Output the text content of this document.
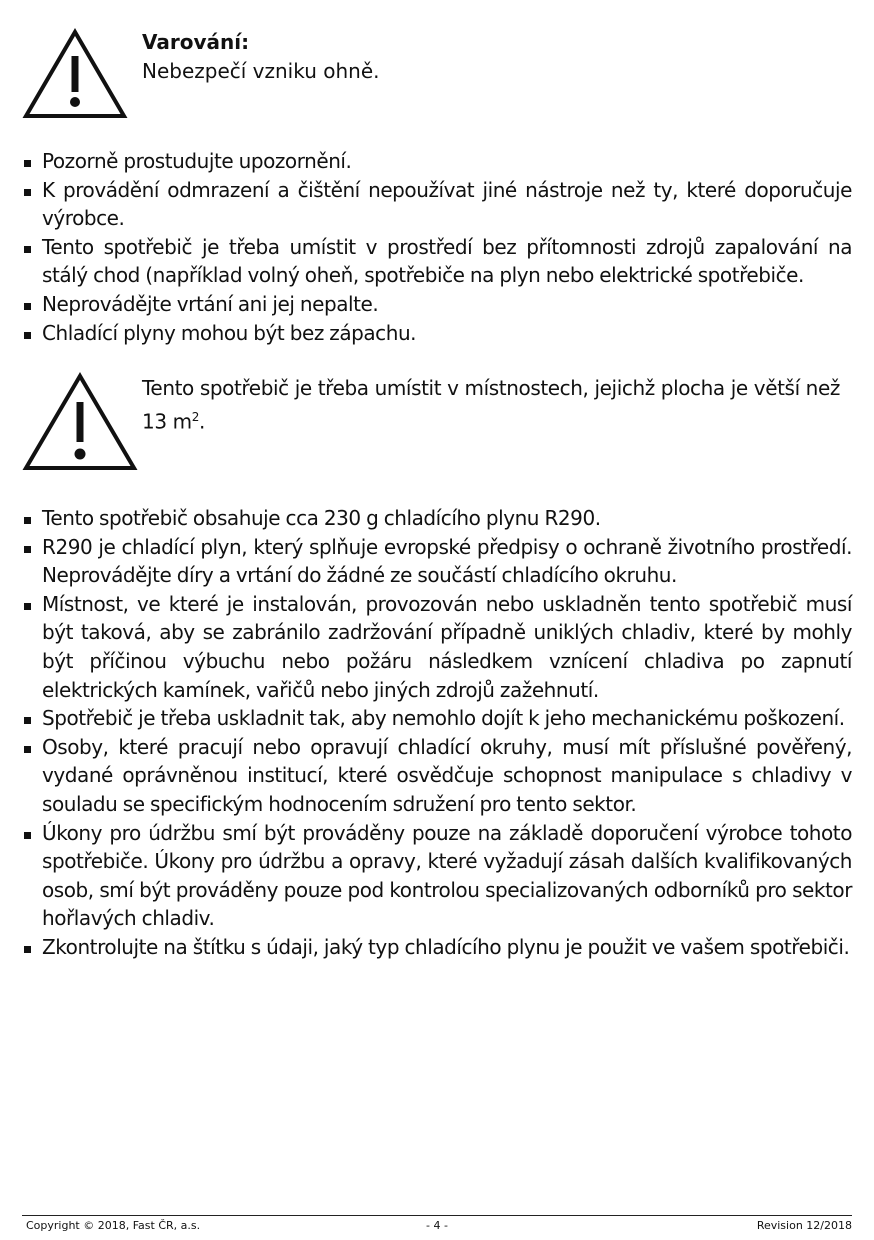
Varování:
Nebezpečí vzniku ohně.
Pozorně prostudujte upozornění.
K provádění odmrazení a čištění nepoužívat jiné nástroje než ty, které doporučuje výrobce.
Tento spotřebič je třeba umístit v prostředí bez přítomnosti zdrojů zapalování na stálý chod (například volný oheň, spotřebiče na plyn nebo elektrické spotřebiče.
Neprovádějte vrtání ani jej nepalte.
Chladící plyny mohou být bez zápachu.
Tento spotřebič je třeba umístit v místnostech, jejichž plocha je větší než 13 $m^2$.
Tento spotřebič obsahuje cca 230 g chladícího plynu R290.
R290 je chladící plyn, který splňuje evropské předpisy o ochraně životního prostředí. Neprovádějte díry a vrtání do žádné ze součástí chladícího okruhu.
Místnost, ve které je instalován, provozován nebo uskladněn tento spotřebič musí být taková, aby se zabránilo zadržování případně uniklých chladiv, které by mohly být příčinou výbuchu nebo požáru následkem vznícení chladiva po zapnutí elektrických kamínek, vařičů nebo jiných zdrojů zažehnutí.
Spotřebič je třeba uskladnit tak, aby nemohlo dojít k jeho mechanickému poškození.
Osoby, které pracují nebo opravují chladící okruhy, musí mít příslušné pověřený, vydané oprávněnou institucí, které osvědčuje schopnost manipulace s chladivy v souladu se specifickým hodnocením sdružení pro tento sektor.
Úkony pro údržbu smí být prováděny pouze na základě doporučení výrobce tohoto spotřebiče. Úkony pro údržbu a opravy, které vyžadují zásah dalších kvalifikovaných osob, smí být prováděny pouze pod kontrolou specializovaných odborníků pro sektor hořlavých chladiv.
Zkontrolujte na štítku s údaji, jaký typ chladícího plynu je použit ve vašem spotřebiči.
Copyright © 2018, Fast ČR, a.s.	- 4 -	Revision 12/2018
